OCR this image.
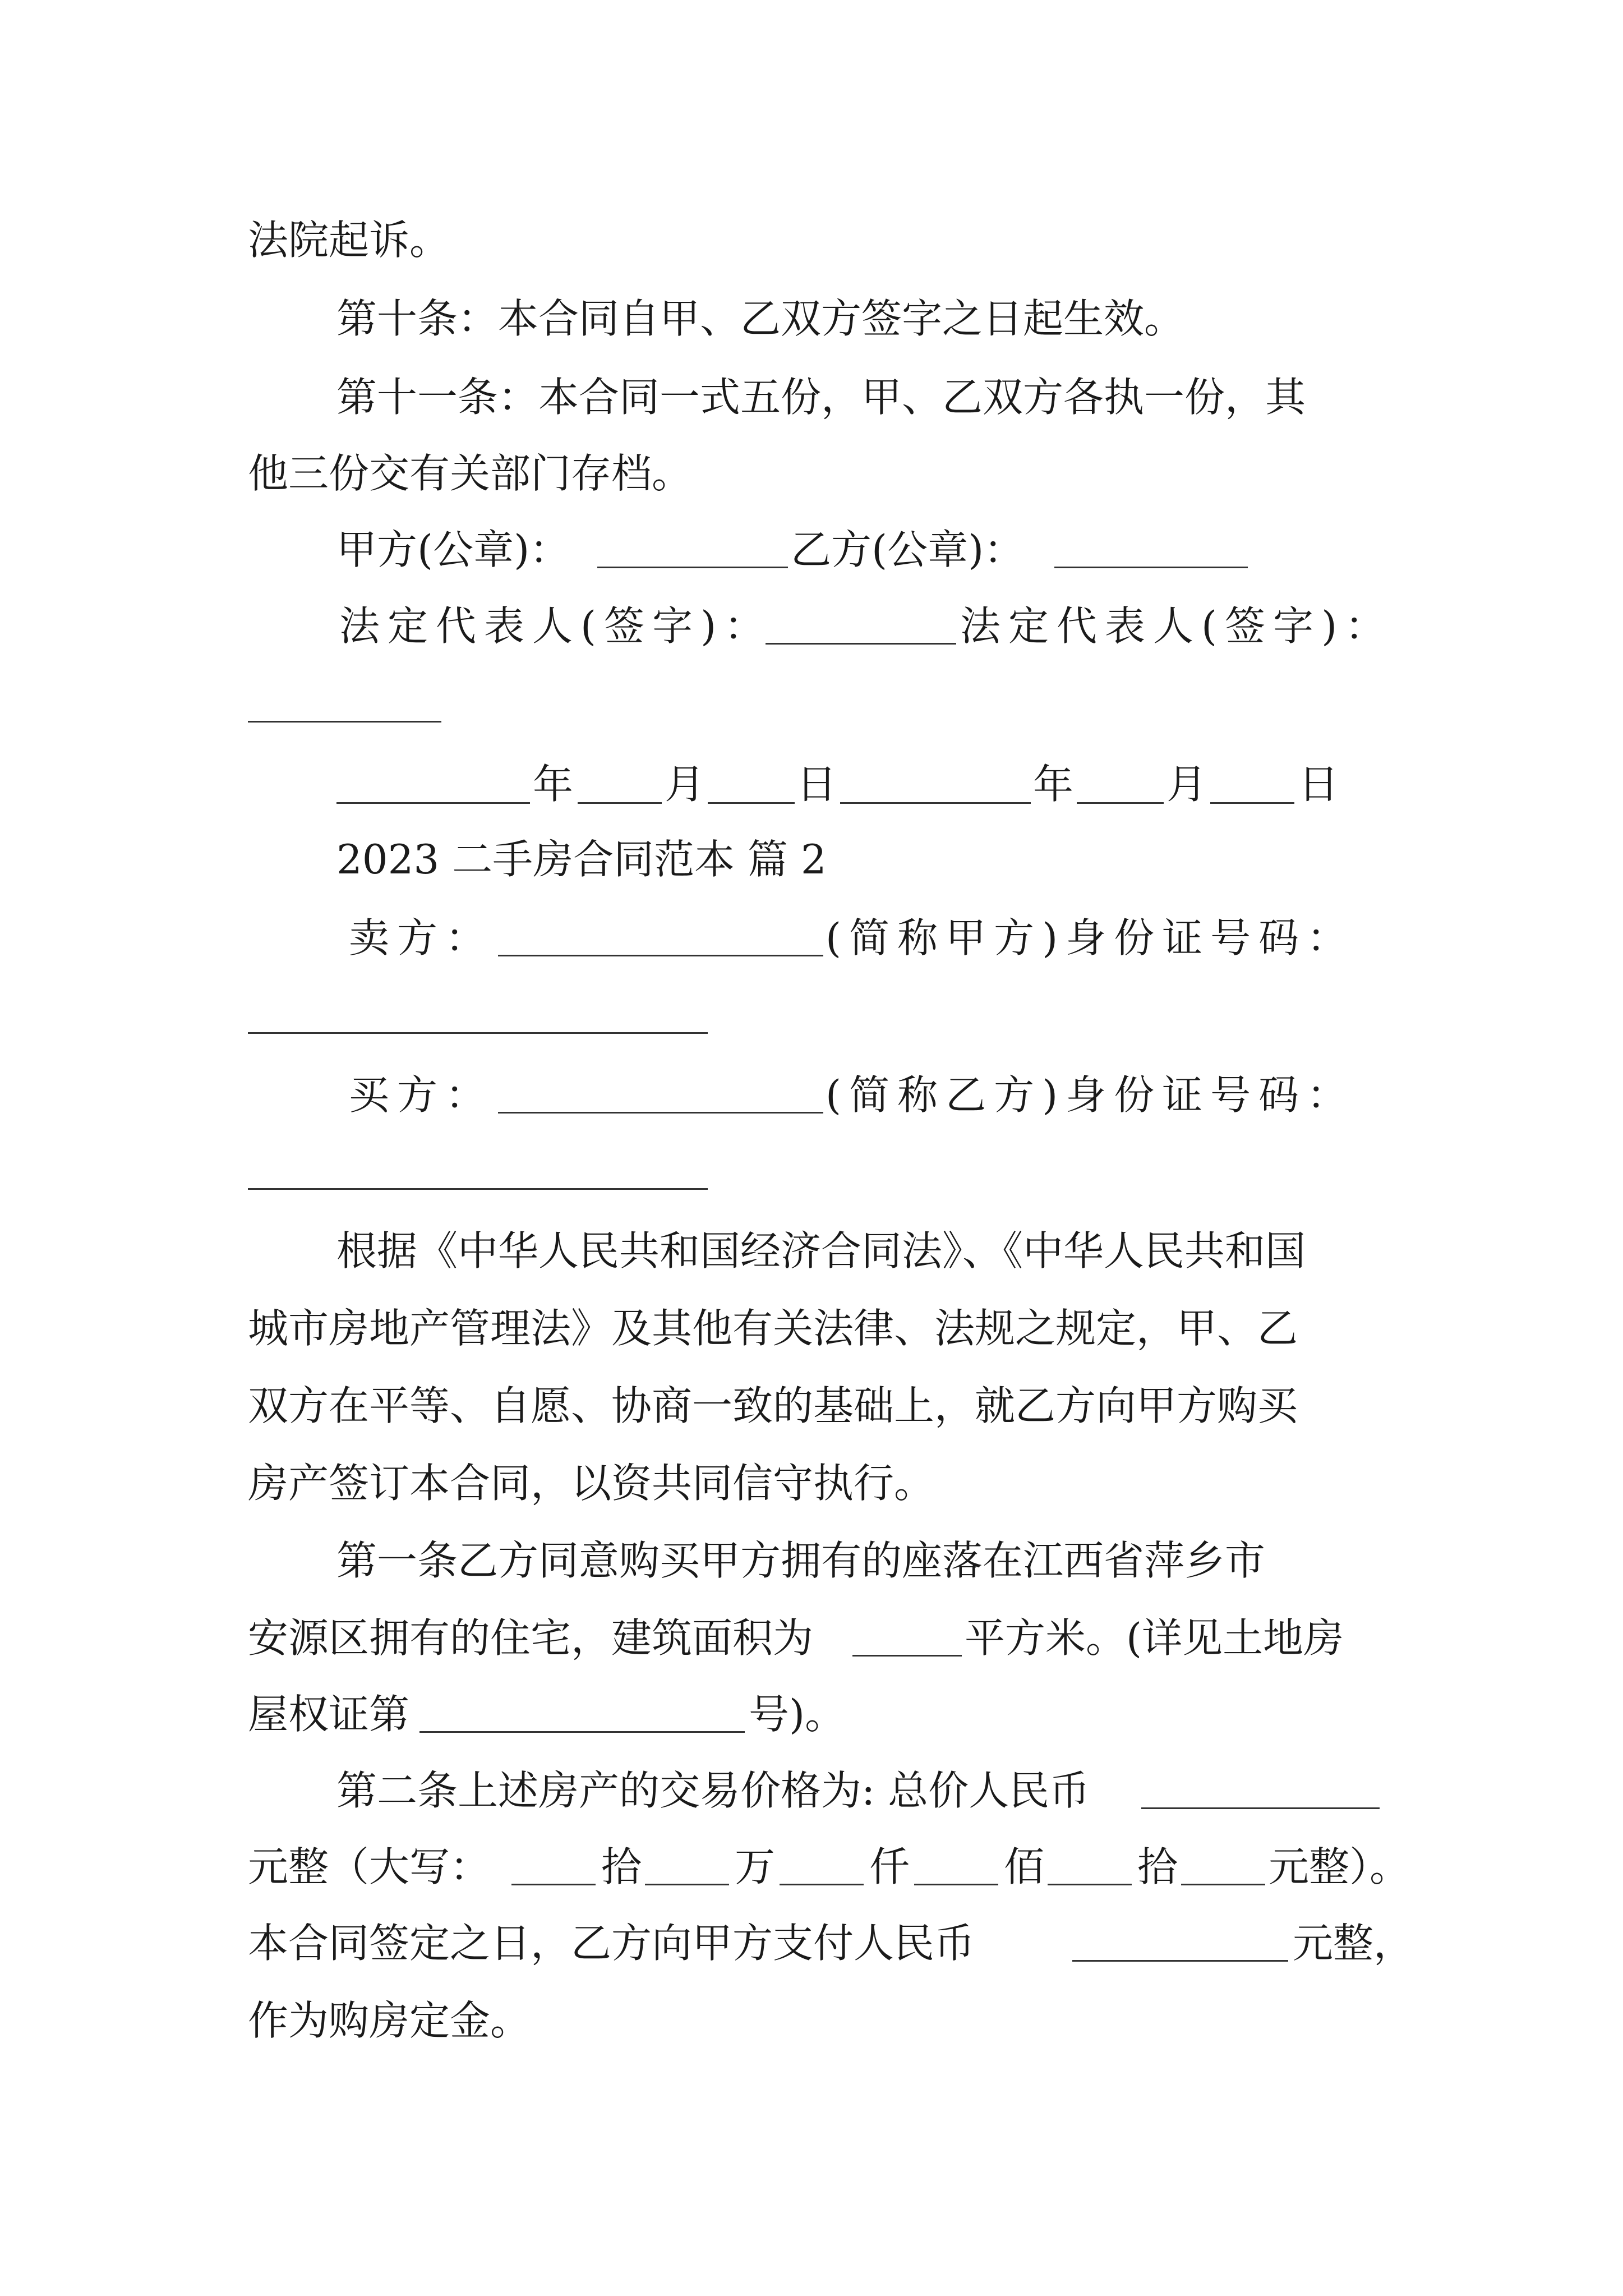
法院起诉。
第十条：本合同自甲、乙双方签字之日起生效。
第十一条：本合同一式五份，甲、乙双方各执一份，其
他三份交有关部门存档。
甲方(公章)：	乙方(公章)：
法定代表人(签字)：	法定代表人(签字)：
年 月 日	年 月 日
2023 二手房合同范本 篇 2
卖方：	(简称甲方)身份证号码：
买方：	(简称乙方)身份证号码：
根据《中华人民共和国经济合同法》、《中华人民共和国
城市房地产管理法》及其他有关法律、法规之规定，甲、乙
双方在平等、自愿、协商一致的基础上，就乙方向甲方购买
房产签订本合同，以资共同信守执行。
第一条乙方同意购买甲方拥有的座落在江西省萍乡市
安源区拥有的住宅，建筑面积为	平方米。(详见土地房
屋权证第	号)。
第二条上述房产的交易价格为: 总价人民币
元整（大写：	拾 万 仟 佰 拾 元整）。
本合同签定之日，乙方向甲方支付人民币	元整，
作为购房定金。
